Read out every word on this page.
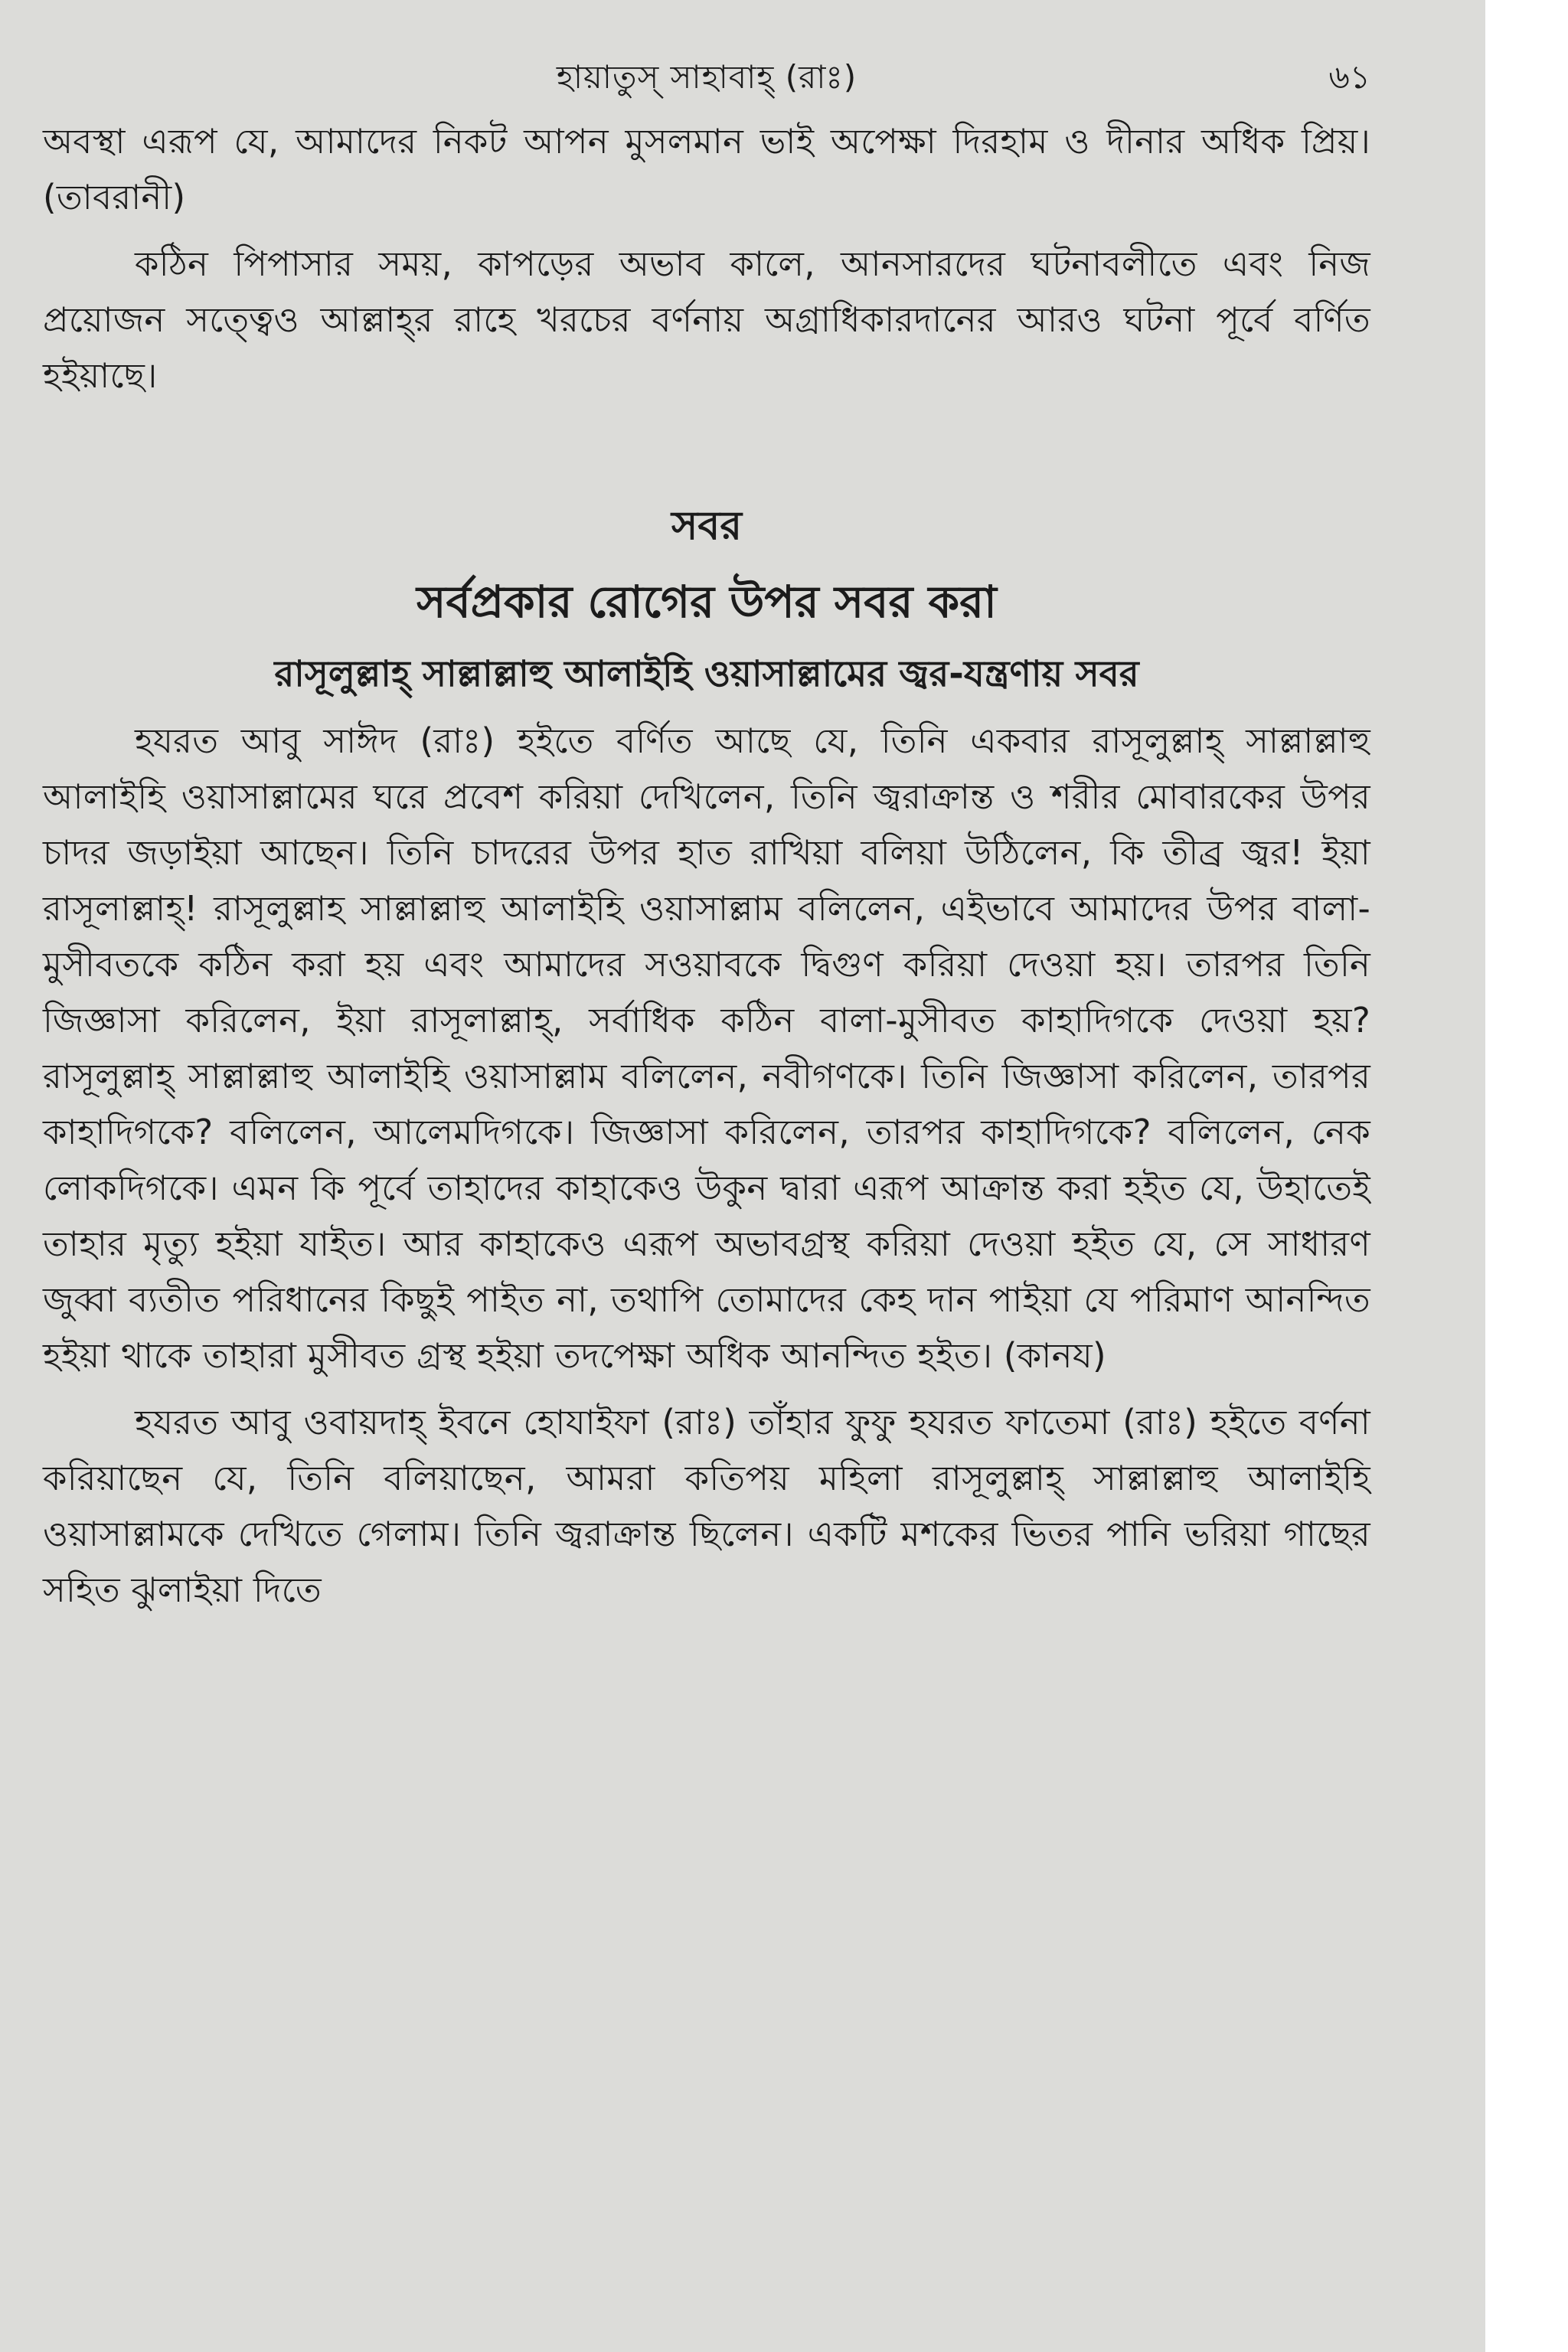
হায়াতুস্ সাহাবাহ্ (রাঃ)	৬১

অবস্থা এরূপ যে, আমাদের নিকট আপন মুসলমান ভাই অপেক্ষা দিরহাম ও দীনার অধিক প্রিয়। (তাবরানী)

কঠিন পিপাসার সময়, কাপড়ের অভাব কালে, আনসারদের ঘটনাবলীতে এবং নিজ প্রয়োজন সত্ত্বেও আল্লাহ্‌র রাহে খরচের বর্ণনায় অগ্রাধিকারদানের আরও ঘটনা পূর্বে বর্ণিত হইয়াছে।

সবর
সর্বপ্রকার রোগের উপর সবর করা
রাসূলুল্লাহ্ সাল্লাল্লাহু আলাইহি ওয়াসাল্লামের জ্বর-যন্ত্রণায় সবর

হযরত আবু সাঈদ (রাঃ) হইতে বর্ণিত আছে যে, তিনি একবার রাসূলুল্লাহ্ সাল্লাল্লাহু আলাইহি ওয়াসাল্লামের ঘরে প্রবেশ করিয়া দেখিলেন, তিনি জ্বরাক্রান্ত ও শরীর মোবারকের উপর চাদর জড়াইয়া আছেন। তিনি চাদরের উপর হাত রাখিয়া বলিয়া উঠিলেন, কি তীব্র জ্বর! ইয়া রাসূলাল্লাহ্! রাসূলুল্লাহ সাল্লাল্লাহু আলাইহি ওয়াসাল্লাম বলিলেন, এইভাবে আমাদের উপর বালা-মুসীবতকে কঠিন করা হয় এবং আমাদের সওয়াবকে দ্বিগুণ করিয়া দেওয়া হয়। তারপর তিনি জিজ্ঞাসা করিলেন, ইয়া রাসূলাল্লাহ্, সর্বাধিক কঠিন বালা-মুসীবত কাহাদিগকে দেওয়া হয়? রাসূলুল্লাহ্ সাল্লাল্লাহু আলাইহি ওয়াসাল্লাম বলিলেন, নবীগণকে। তিনি জিজ্ঞাসা করিলেন, তারপর কাহাদিগকে? বলিলেন, আলেমদিগকে। জিজ্ঞাসা করিলেন, তারপর কাহাদিগকে? বলিলেন, নেক লোকদিগকে। এমন কি পূর্বে তাহাদের কাহাকেও উকুন দ্বারা এরূপ আক্রান্ত করা হইত যে, উহাতেই তাহার মৃত্যু হইয়া যাইত। আর কাহাকেও এরূপ অভাবগ্রস্থ করিয়া দেওয়া হইত যে, সে সাধারণ জুব্বা ব্যতীত পরিধানের কিছুই পাইত না, তথাপি তোমাদের কেহ দান পাইয়া যে পরিমাণ আনন্দিত হইয়া থাকে তাহারা মুসীবত গ্রস্থ হইয়া তদপেক্ষা অধিক আনন্দিত হইত। (কানয)

হযরত আবু ওবায়দাহ্ ইবনে হোযাইফা (রাঃ) তাঁহার ফুফু হযরত ফাতেমা (রাঃ) হইতে বর্ণনা করিয়াছেন যে, তিনি বলিয়াছেন, আমরা কতিপয় মহিলা রাসূলুল্লাহ্ সাল্লাল্লাহু আলাইহি ওয়াসাল্লামকে দেখিতে গেলাম। তিনি জ্বরাক্রান্ত ছিলেন। একটি মশকের ভিতর পানি ভরিয়া গাছের সহিত ঝুলাইয়া দিতে
